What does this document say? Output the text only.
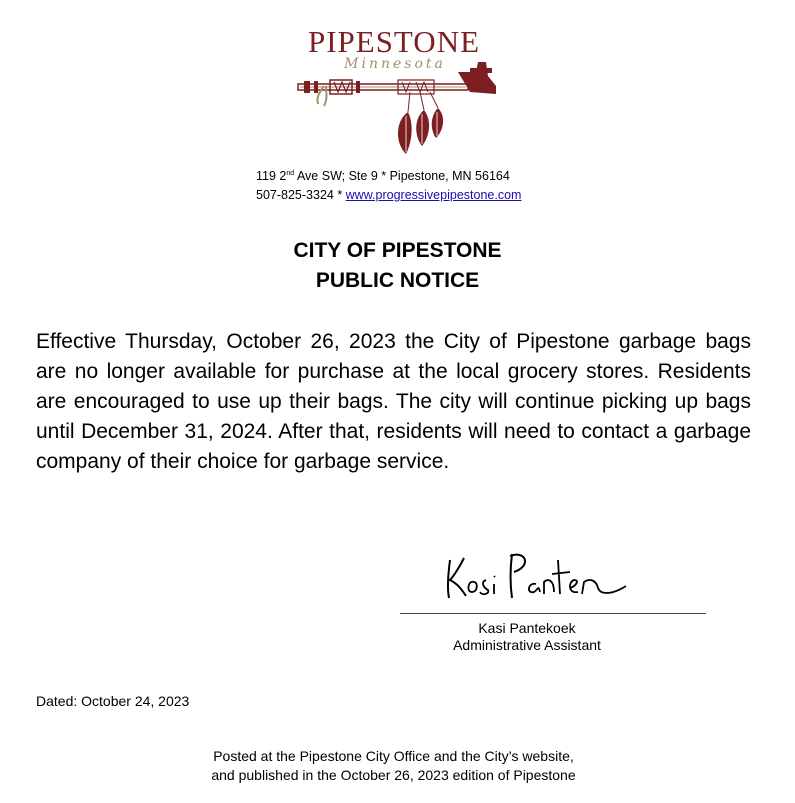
PIPESTONE
Minnesota
119 2nd Ave SW; Ste 9 * Pipestone, MN 56164
507-825-3324 * www.progressivepipestone.com
CITY OF PIPESTONE
PUBLIC NOTICE
Effective Thursday, October 26, 2023 the City of Pipestone garbage bags are no longer available for purchase at the local grocery stores. Residents are encouraged to use up their bags. The city will continue picking up bags until December 31, 2024. After that, residents will need to contact a garbage company of their choice for garbage service.
Kasi Pantekoek
Administrative Assistant
Dated: October 24, 2023
Posted at the Pipestone City Office and the City’s website,
and published in the October 26, 2023 edition of Pipestone
